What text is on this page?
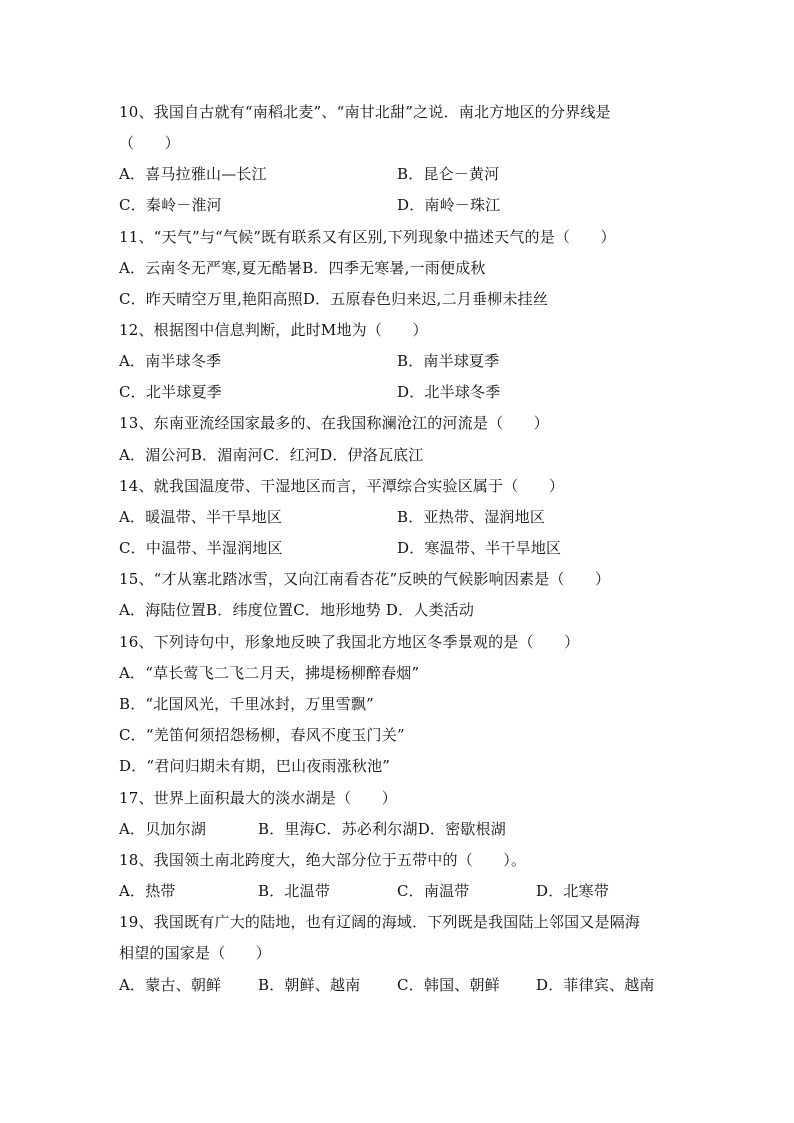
10、我国自古就有“南稻北麦”、“南甘北甜”之说．南北方地区的分界线是
（　　）
A．喜马拉雅山—长江	B．昆仑－黄河
C．秦岭－淮河	D．南岭－珠江
11、“天气”与“气候”既有联系又有区别,下列现象中描述天气的是（　　）
A．云南冬无严寒,夏无酷暑B．四季无寒暑,一雨便成秋
C．昨天晴空万里,艳阳高照D．五原春色归来迟,二月垂柳未挂丝
12、根据图中信息判断，此时M地为（　　）
A．南半球冬季	B．南半球夏季
C．北半球夏季	D．北半球冬季
13、东南亚流经国家最多的、在我国称澜沧江的河流是（　　）
A．湄公河B．湄南河C．红河D．伊洛瓦底江
14、就我国温度带、干湿地区而言，平潭综合实验区属于（　　）
A．暖温带、半干旱地区	B．亚热带、湿润地区
C．中温带、半湿润地区	D．寒温带、半干旱地区
15、“才从塞北踏冰雪，又向江南看杏花”反映的气候影响因素是（　　）
A．海陆位置B．纬度位置C．地形地势 D．人类活动
16、下列诗句中，形象地反映了我国北方地区冬季景观的是（　　）
A．“草长莺飞二飞二月天，拂堤杨柳醉春烟”
B．“北国风光，千里冰封，万里雪飘”
C．“羌笛何须招怨杨柳，春风不度玉门关”
D．“君问归期未有期，巴山夜雨涨秋池”
17、世界上面积最大的淡水湖是（　　）
A．贝加尔湖	B．里海C．苏必利尔湖D．密歇根湖
18、我国领土南北跨度大，绝大部分位于五带中的（　　）。
A．热带	B．北温带	C．南温带	D．北寒带
19、我国既有广大的陆地，也有辽阔的海域．下列既是我国陆上邻国又是隔海
相望的国家是（　　）
A．蒙古、朝鲜 B．朝鲜、越南 C．韩国、朝鲜 D．菲律宾、越南
